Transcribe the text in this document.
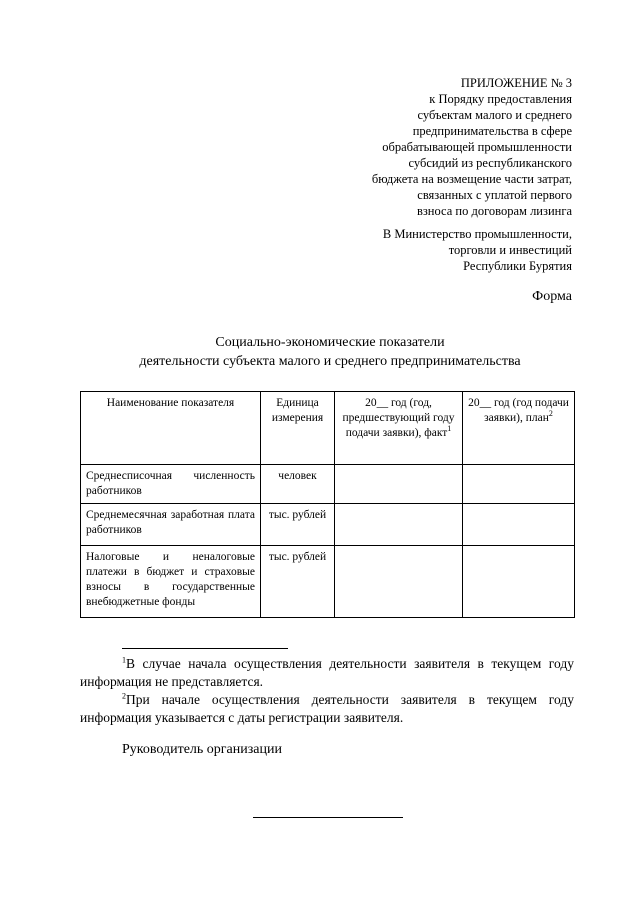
ПРИЛОЖЕНИЕ № 3
к Порядку предоставления
субъектам малого и среднего
предпринимательства в сфере
обрабатывающей промышленности
субсидий из республиканского
бюджета на возмещение части затрат,
связанных с уплатой первого
взноса по договорам лизинга
В Министерство промышленности,
торговли и инвестиций
Республики Бурятия
Форма
Социально-экономические показатели
деятельности субъекта малого и среднего предпринимательства
Наименование показателя	Единица измерения	20__ год (год, предшествующий году подачи заявки), факт$^1$	20__ год (год подачи заявки), план$^2$
Среднесписочная численность работников	человек		
Среднемесячная заработная плата работников	тыс. рублей		
Налоговые и неналоговые платежи в бюджет и страховые взносы в государственные внебюджетные фонды	тыс. рублей		
$^1$В случае начала осуществления деятельности заявителя в текущем году информация не представляется.
$^2$При начале осуществления деятельности заявителя в текущем году информация указывается с даты регистрации заявителя.
Руководитель организации
